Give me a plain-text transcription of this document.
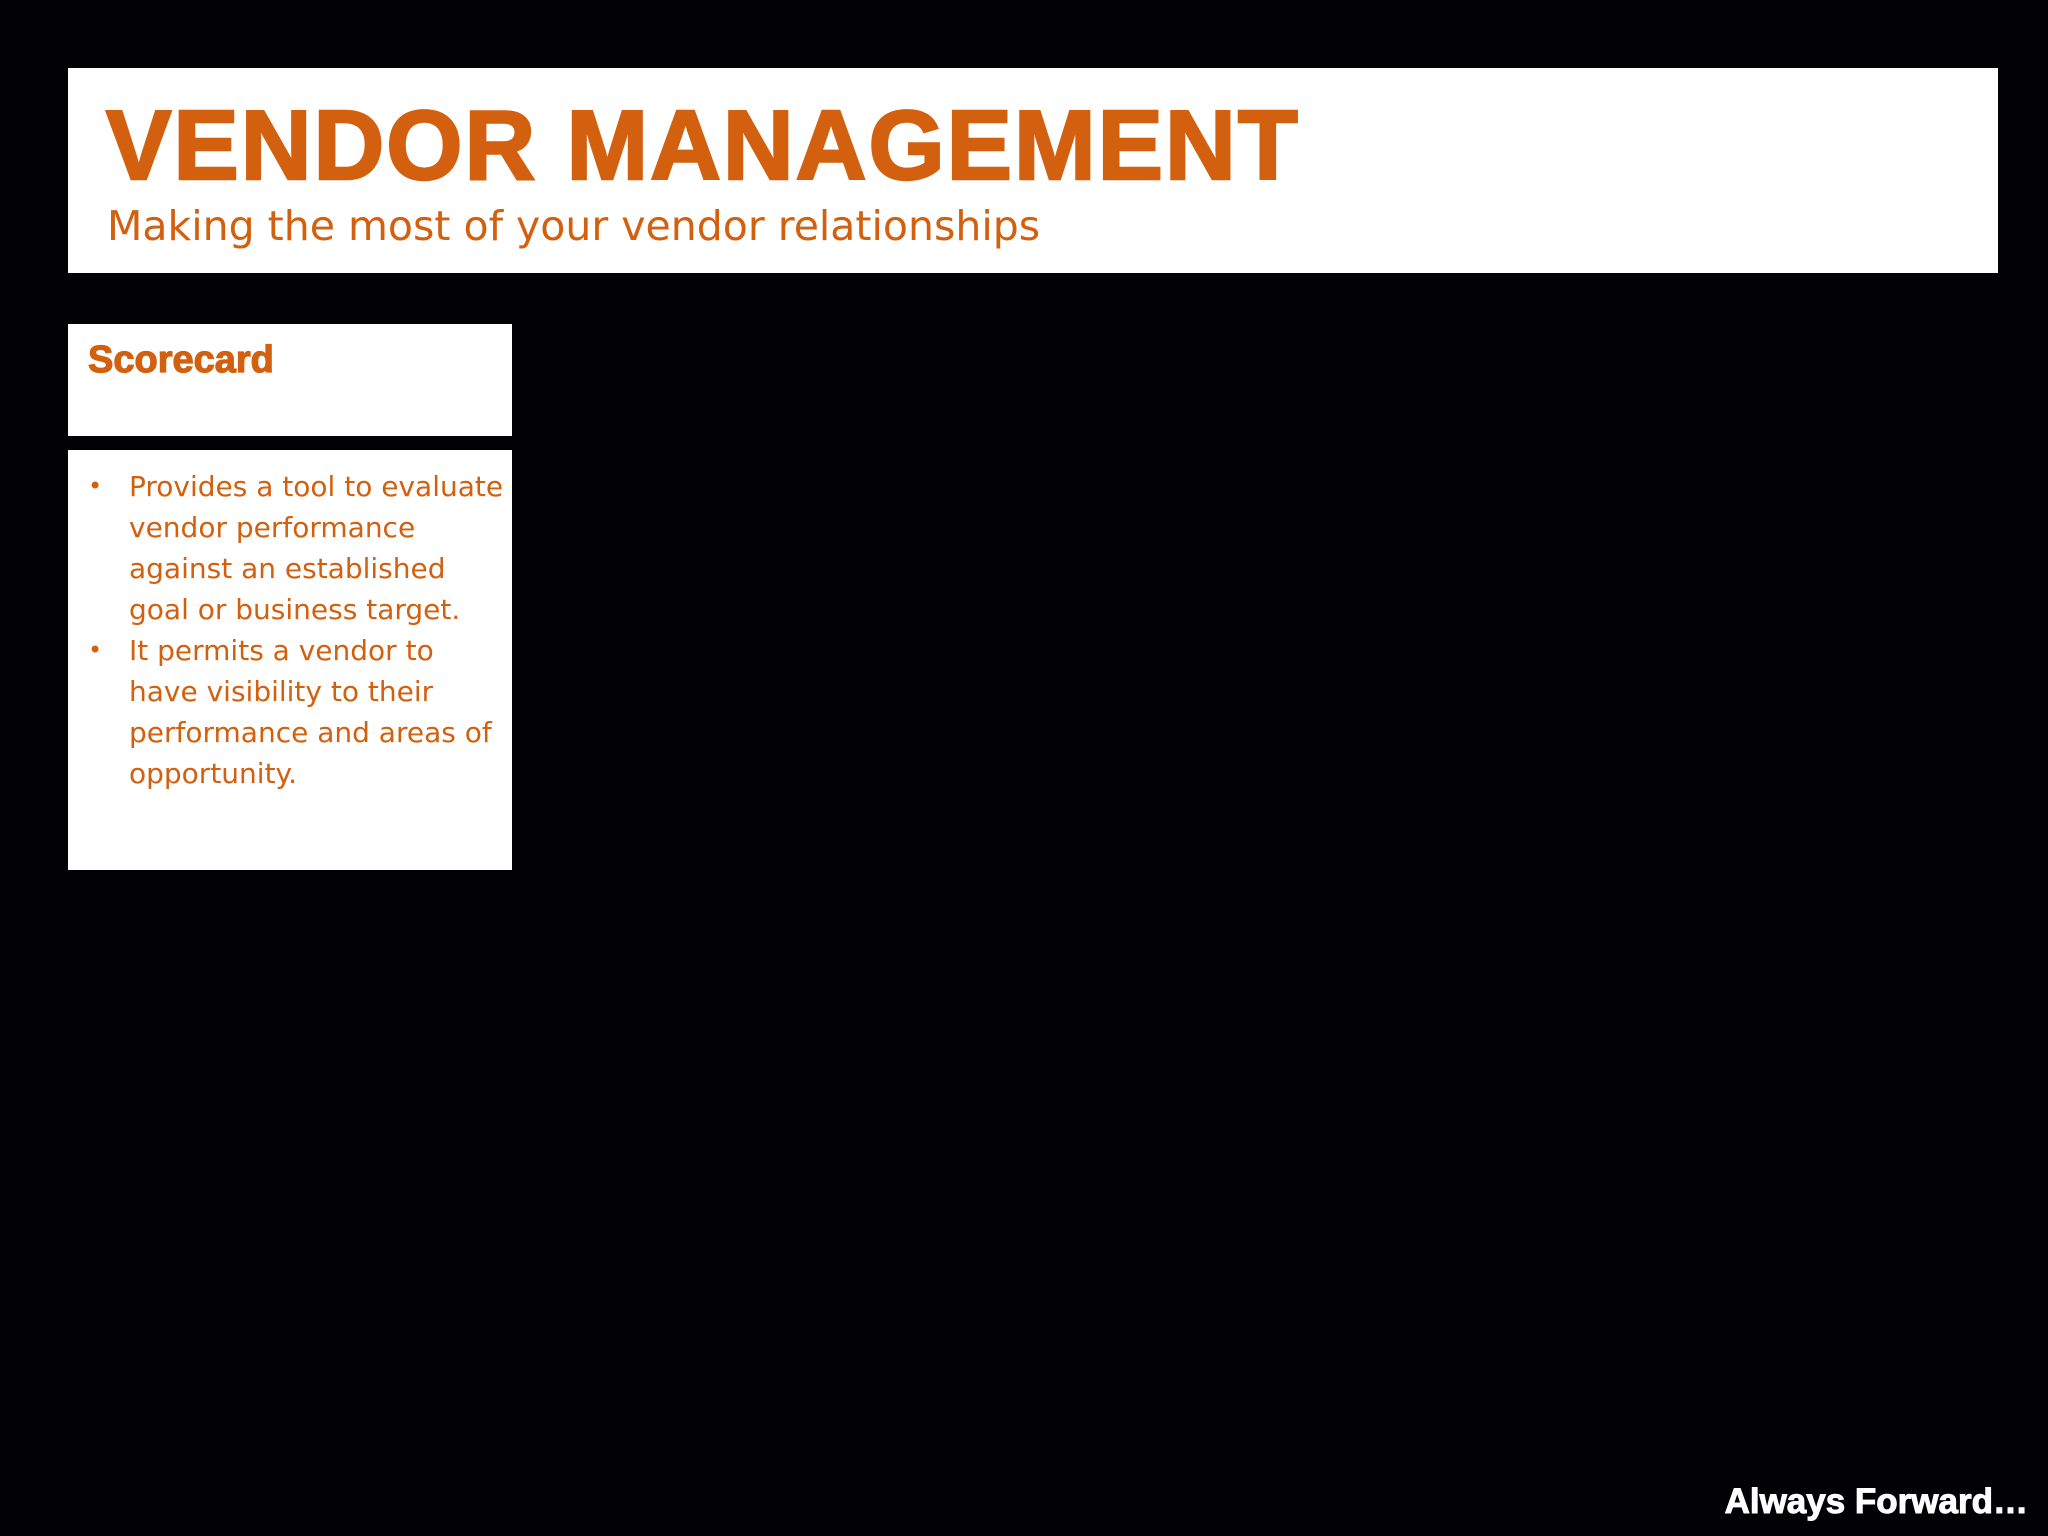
VENDOR MANAGEMENT

Making the most of your vendor relationships

Scorecard
• Provides a tool to evaluate vendor performance against an established goal or business target.
• It permits a vendor to have visibility to their performance and areas of opportunity.

Always Forward…
